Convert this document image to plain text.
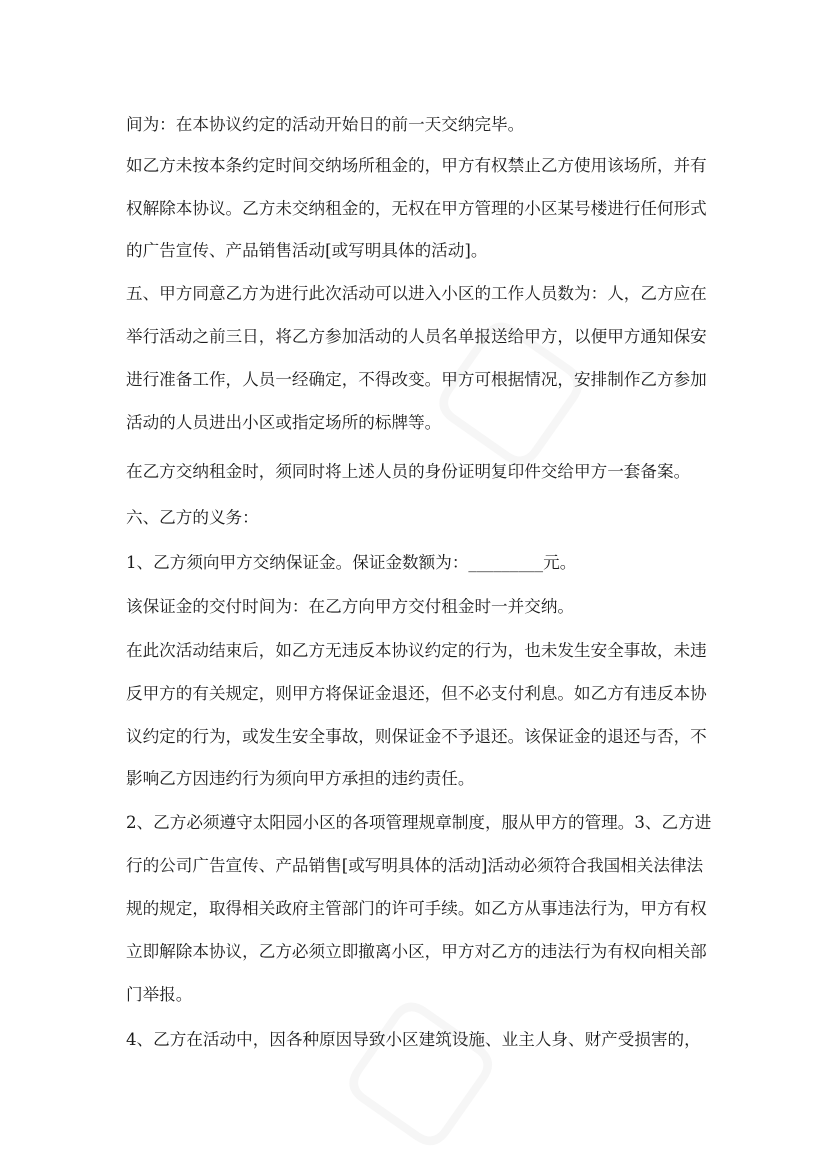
间为：在本协议约定的活动开始日的前一天交纳完毕。
如乙方未按本条约定时间交纳场所租金的，甲方有权禁止乙方使用该场所，并有
权解除本协议。乙方未交纳租金的，无权在甲方管理的小区某号楼进行任何形式
的广告宣传、产品销售活动[或写明具体的活动]。
五、甲方同意乙方为进行此次活动可以进入小区的工作人员数为：人，乙方应在
举行活动之前三日，将乙方参加活动的人员名单报送给甲方，以便甲方通知保安
进行准备工作，人员一经确定，不得改变。甲方可根据情况，安排制作乙方参加
活动的人员进出小区或指定场所的标牌等。
在乙方交纳租金时，须同时将上述人员的身份证明复印件交给甲方一套备案。
六、乙方的义务：
1、乙方须向甲方交纳保证金。保证金数额为：_________元。
该保证金的交付时间为：在乙方向甲方交付租金时一并交纳。
在此次活动结束后，如乙方无违反本协议约定的行为，也未发生安全事故，未违
反甲方的有关规定，则甲方将保证金退还，但不必支付利息。如乙方有违反本协
议约定的行为，或发生安全事故，则保证金不予退还。该保证金的退还与否，不
影响乙方因违约行为须向甲方承担的违约责任。
2、乙方必须遵守太阳园小区的各项管理规章制度，服从甲方的管理。3、乙方进
行的公司广告宣传、产品销售[或写明具体的活动]活动必须符合我国相关法律法
规的规定，取得相关政府主管部门的许可手续。如乙方从事违法行为，甲方有权
立即解除本协议，乙方必须立即撤离小区，甲方对乙方的违法行为有权向相关部
门举报。
4、乙方在活动中，因各种原因导致小区建筑设施、业主人身、财产受损害的，
